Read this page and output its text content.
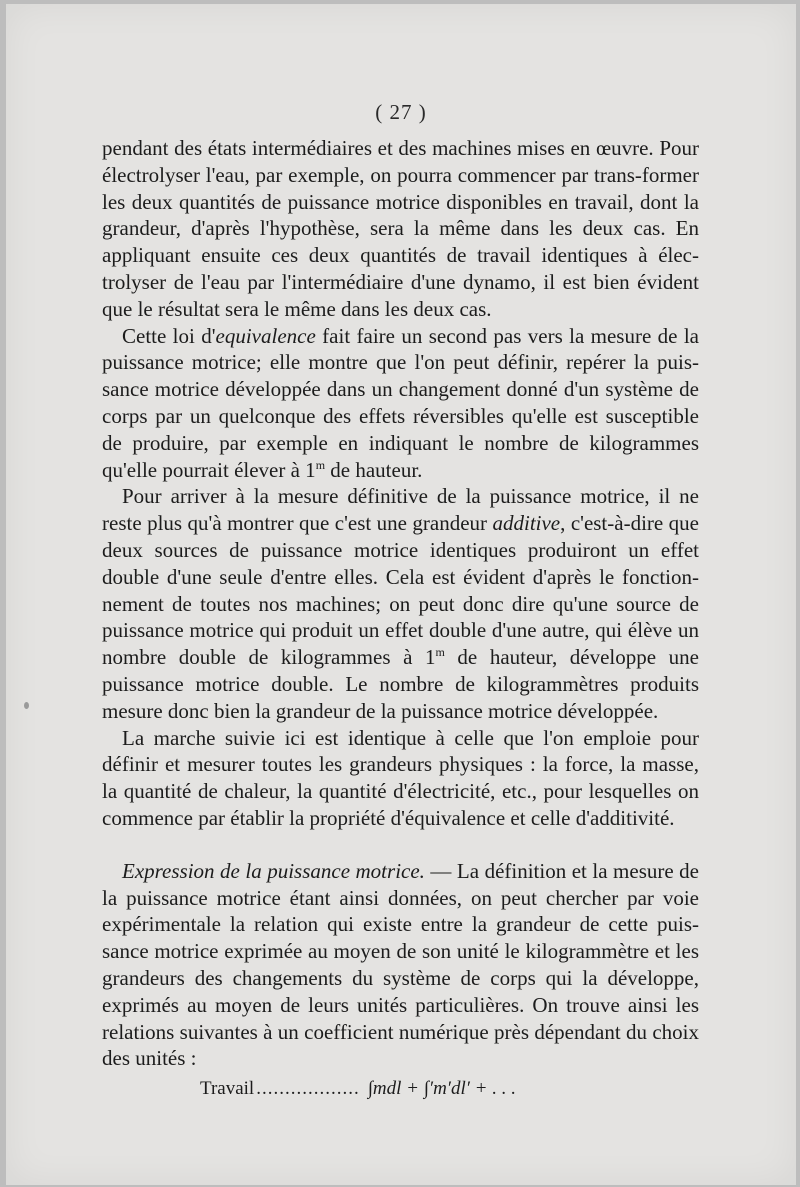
( 27 )

pendant des états intermédiaires et des machines mises en œuvre. Pour électrolyser l'eau, par exemple, on pourra commencer par trans-former les deux quantités de puissance motrice disponibles en travail, dont la grandeur, d'après l'hypothèse, sera la même dans les deux cas. En appliquant ensuite ces deux quantités de travail identiques à élec-trolyser de l'eau par l'intermédiaire d'une dynamo, il est bien évident que le résultat sera le même dans les deux cas.

Cette loi d'equivalence fait faire un second pas vers la mesure de la puissance motrice; elle montre que l'on peut définir, repérer la puis-sance motrice développée dans un changement donné d'un système de corps par un quelconque des effets réversibles qu'elle est susceptible de produire, par exemple en indiquant le nombre de kilogrammes qu'elle pourrait élever à 1$^m$ de hauteur.

Pour arriver à la mesure définitive de la puissance motrice, il ne reste plus qu'à montrer que c'est une grandeur additive, c'est-à-dire que deux sources de puissance motrice identiques produiront un effet double d'une seule d'entre elles. Cela est évident d'après le fonction-nement de toutes nos machines; on peut donc dire qu'une source de puissance motrice qui produit un effet double d'une autre, qui élève un nombre double de kilogrammes à 1$^m$ de hauteur, développe une puissance motrice double. Le nombre de kilogrammètres produits mesure donc bien la grandeur de la puissance motrice développée.

La marche suivie ici est identique à celle que l'on emploie pour définir et mesurer toutes les grandeurs physiques : la force, la masse, la quantité de chaleur, la quantité d'électricité, etc., pour lesquelles on commence par établir la propriété d'équivalence et celle d'additivité.

Expression de la puissance motrice. — La définition et la mesure de la puissance motrice étant ainsi données, on peut chercher par voie expérimentale la relation qui existe entre la grandeur de cette puis-sance motrice exprimée au moyen de son unité le kilogrammètre et les grandeurs des changements du système de corps qui la développe, exprimés au moyen de leurs unités particulières. On trouve ainsi les relations suivantes à un coefficient numérique près dépendant du choix des unités :

Travail .................. ∫mdl + ∫′m′dl′ + . . .
